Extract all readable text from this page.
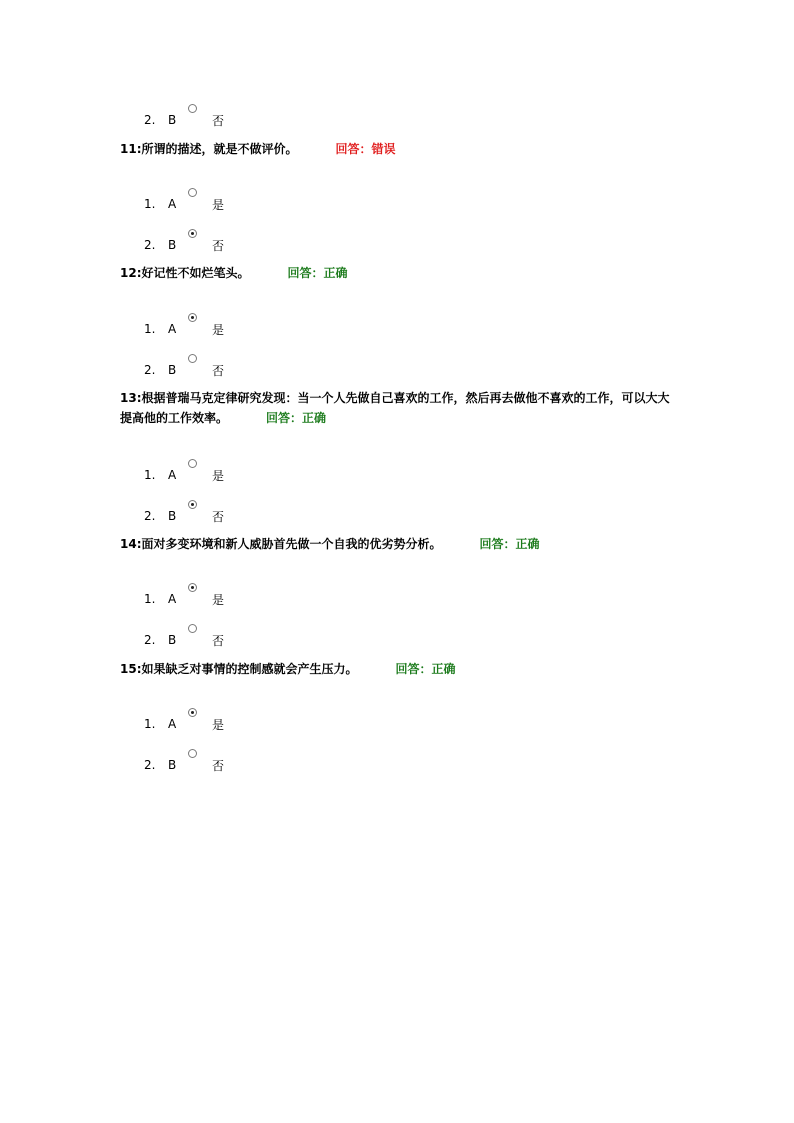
2. B	否
11:所谓的描述，就是不做评价。	回答：错误
1. A	是
2. B	否
12:好记性不如烂笔头。	回答：正确
1. A	是
2. B	否
13:根据普瑞马克定律研究发现：当一个人先做自己喜欢的工作，然后再去做他不喜欢的工作，可以大大提高他的工作效率。	回答：正确
1. A	是
2. B	否
14:面对多变环境和新人威胁首先做一个自我的优劣势分析。	回答：正确
1. A	是
2. B	否
15:如果缺乏对事情的控制感就会产生压力。	回答：正确
1. A	是
2. B	否
